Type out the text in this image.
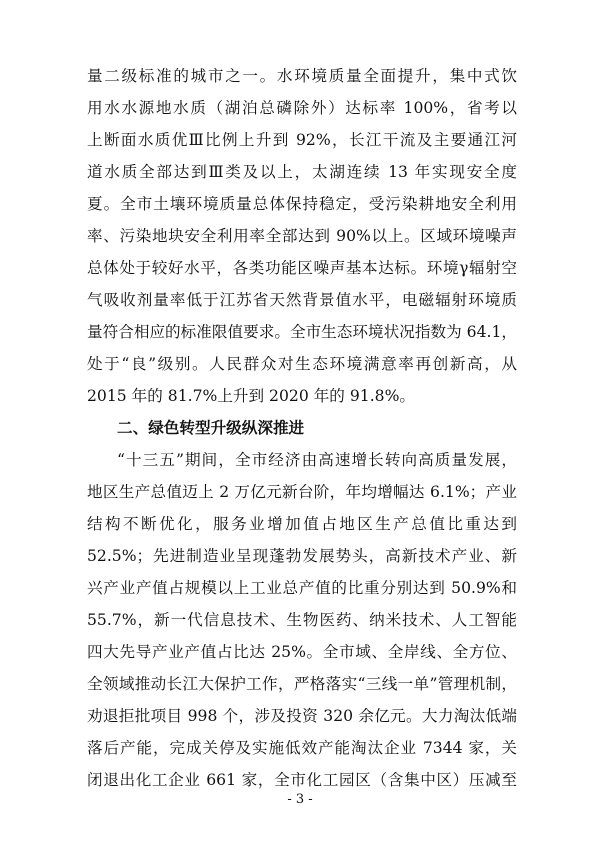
量二级标准的城市之一。水环境质量全面提升，集中式饮
用水水源地水质（湖泊总磷除外）达标率 100%，省考以
上断面水质优Ⅲ比例上升到 92%，长江干流及主要通江河
道水质全部达到Ⅲ类及以上，太湖连续 13 年实现安全度
夏。全市土壤环境质量总体保持稳定，受污染耕地安全利用
率、污染地块安全利用率全部达到 90%以上。区域环境噪声
总体处于较好水平，各类功能区噪声基本达标。环境γ辐射空
气吸收剂量率低于江苏省天然背景值水平，电磁辐射环境质
量符合相应的标准限值要求。全市生态环境状况指数为 64.1，
处于“良”级别。人民群众对生态环境满意率再创新高，从
2015 年的 81.7%上升到 2020 年的 91.8%。
二、绿色转型升级纵深推进
“十三五”期间，全市经济由高速增长转向高质量发展，
地区生产总值迈上 2 万亿元新台阶，年均增幅达 6.1%；产业
结构不断优化，服务业增加值占地区生产总值比重达到
52.5%；先进制造业呈现蓬勃发展势头，高新技术产业、新
兴产业产值占规模以上工业总产值的比重分别达到 50.9%和
55.7%，新一代信息技术、生物医药、纳米技术、人工智能
四大先导产业产值占比达 25%。全市域、全岸线、全方位、
全领域推动长江大保护工作，严格落实“三线一单”管理机制，
劝退拒批项目 998 个，涉及投资 320 余亿元。大力淘汰低端
落后产能，完成关停及实施低效产能淘汰企业 7344 家，关
闭退出化工企业 661 家，全市化工园区（含集中区）压减至
- 3 -
